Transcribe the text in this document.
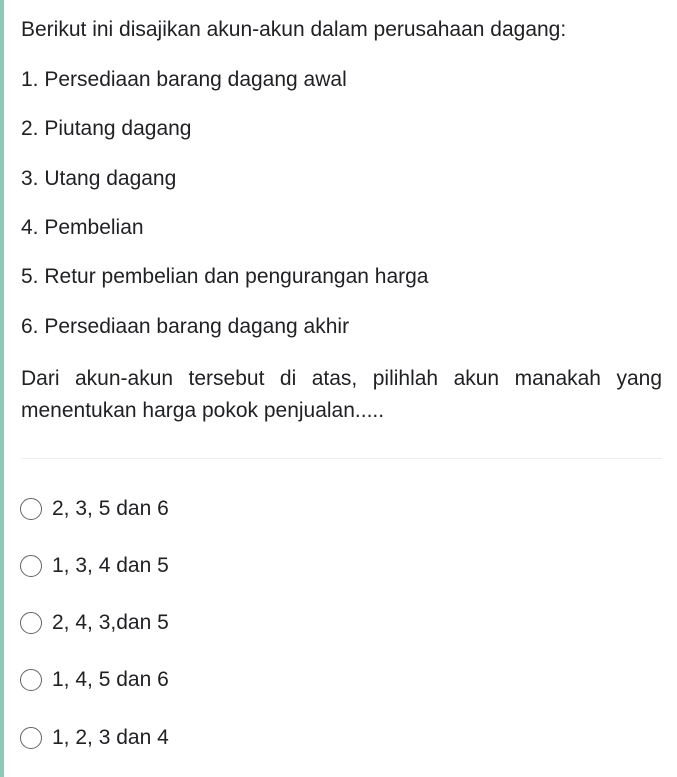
Berikut ini disajikan akun-akun dalam perusahaan dagang:
1. Persediaan barang dagang awal
2. Piutang dagang
3. Utang dagang
4. Pembelian
5. Retur pembelian dan pengurangan harga
6. Persediaan barang dagang akhir
Dari akun-akun tersebut di atas, pilihlah akun manakah yang menentukan harga pokok penjualan.....
2, 3, 5 dan 6
1, 3, 4 dan 5
2, 4, 3,dan 5
1, 4, 5 dan 6
1, 2, 3 dan 4
